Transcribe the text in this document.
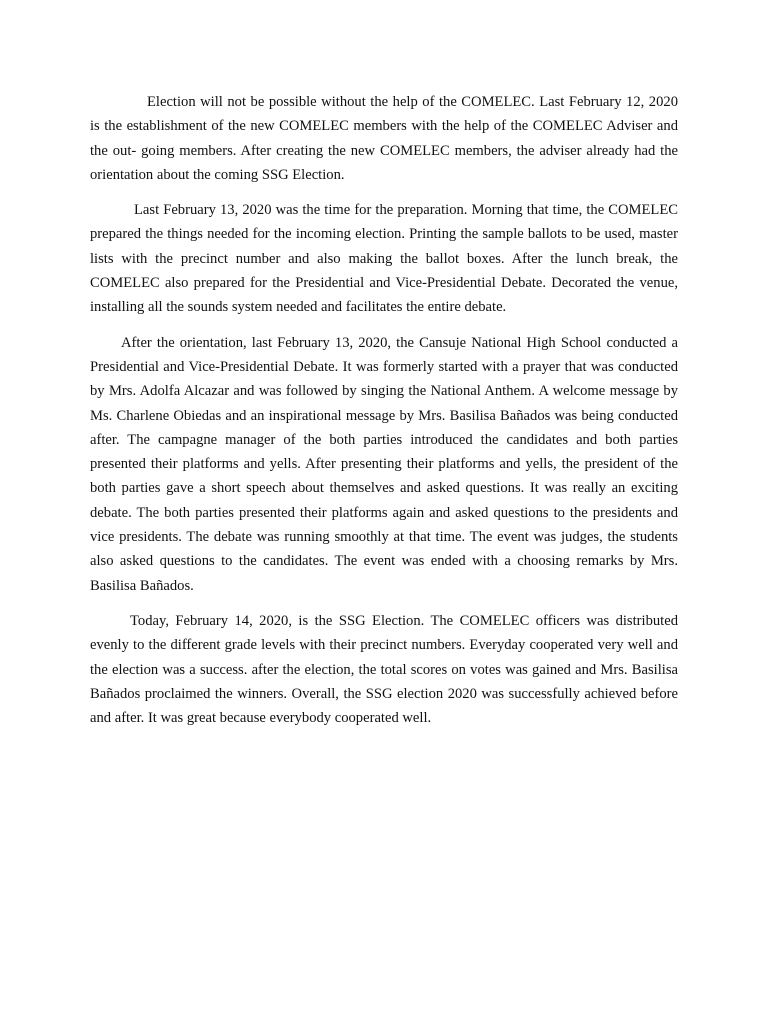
Election will not be possible without the help of the COMELEC. Last February 12, 2020 is the establishment of the new COMELEC members with the help of the COMELEC Adviser and the out- going members. After creating the new COMELEC members, the adviser already had the orientation about the coming SSG Election.

Last February 13, 2020 was the time for the preparation. Morning that time, the COMELEC prepared the things needed for the incoming election. Printing the sample ballots to be used, master lists with the precinct number and also making the ballot boxes. After the lunch break, the COMELEC also prepared for the Presidential and Vice-Presidential Debate. Decorated the venue, installing all the sounds system needed and facilitates the entire debate.

After the orientation, last February 13, 2020, the Cansuje National High School conducted a Presidential and Vice-Presidential Debate. It was formerly started with a prayer that was conducted by Mrs. Adolfa Alcazar and was followed by singing the National Anthem. A welcome message by Ms. Charlene Obiedas and an inspirational message by Mrs. Basilisa Bañados was being conducted after. The campagne manager of the both parties introduced the candidates and both parties presented their platforms and yells. After presenting their platforms and yells, the president of the both parties gave a short speech about themselves and asked questions. It was really an exciting debate. The both parties presented their platforms again and asked questions to the presidents and vice presidents. The debate was running smoothly at that time. The event was judges, the students also asked questions to the candidates. The event was ended with a choosing remarks by Mrs. Basilisa Bañados.

Today, February 14, 2020, is the SSG Election. The COMELEC officers was distributed evenly to the different grade levels with their precinct numbers. Everyday cooperated very well and the election was a success. after the election, the total scores on votes was gained and Mrs. Basilisa Bañados proclaimed the winners. Overall, the SSG election 2020 was successfully achieved before and after. It was great because everybody cooperated well.
